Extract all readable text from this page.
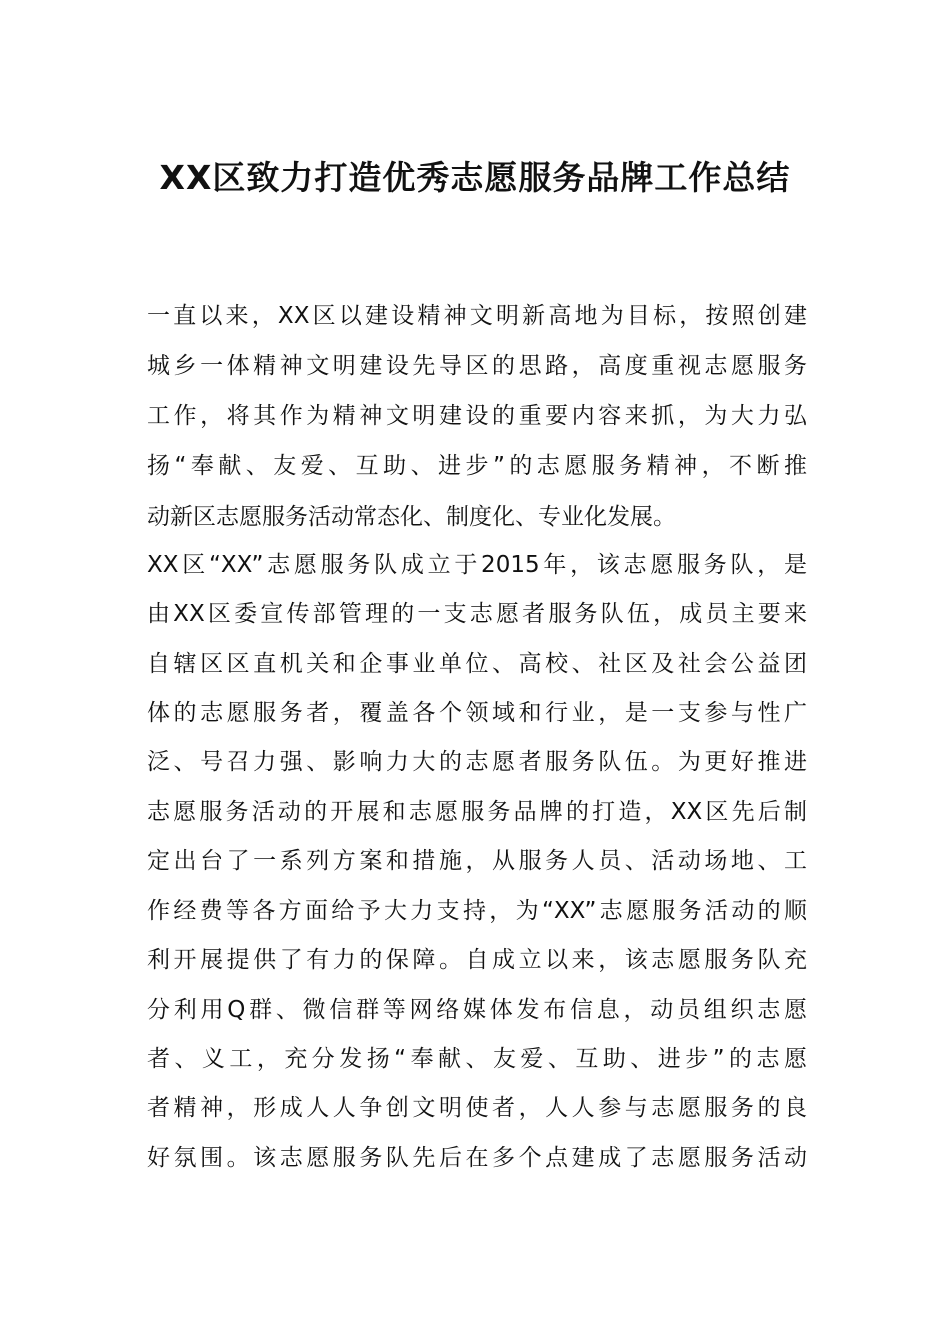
XX区致力打造优秀志愿服务品牌工作总结

一直以来，XX区以建设精神文明新高地为目标，按照创建

城乡一体精神文明建设先导区的思路，高度重视志愿服务

工作，将其作为精神文明建设的重要内容来抓，为大力弘

扬“奉献、友爱、互助、进步”的志愿服务精神，不断推

动新区志愿服务活动常态化、制度化、专业化发展。

XX区“XX”志愿服务队成立于2015年，该志愿服务队，是

由XX区委宣传部管理的一支志愿者服务队伍，成员主要来

自辖区区直机关和企事业单位、高校、社区及社会公益团

体的志愿服务者，覆盖各个领域和行业，是一支参与性广

泛、号召力强、影响力大的志愿者服务队伍。为更好推进

志愿服务活动的开展和志愿服务品牌的打造，XX区先后制

定出台了一系列方案和措施，从服务人员、活动场地、工

作经费等各方面给予大力支持，为“XX”志愿服务活动的顺

利开展提供了有力的保障。自成立以来，该志愿服务队充

分利用Q群、微信群等网络媒体发布信息，动员组织志愿

者、义工，充分发扬“奉献、友爱、互助、进步”的志愿

者精神，形成人人争创文明使者，人人参与志愿服务的良

好氛围。该志愿服务队先后在多个点建成了志愿服务活动
